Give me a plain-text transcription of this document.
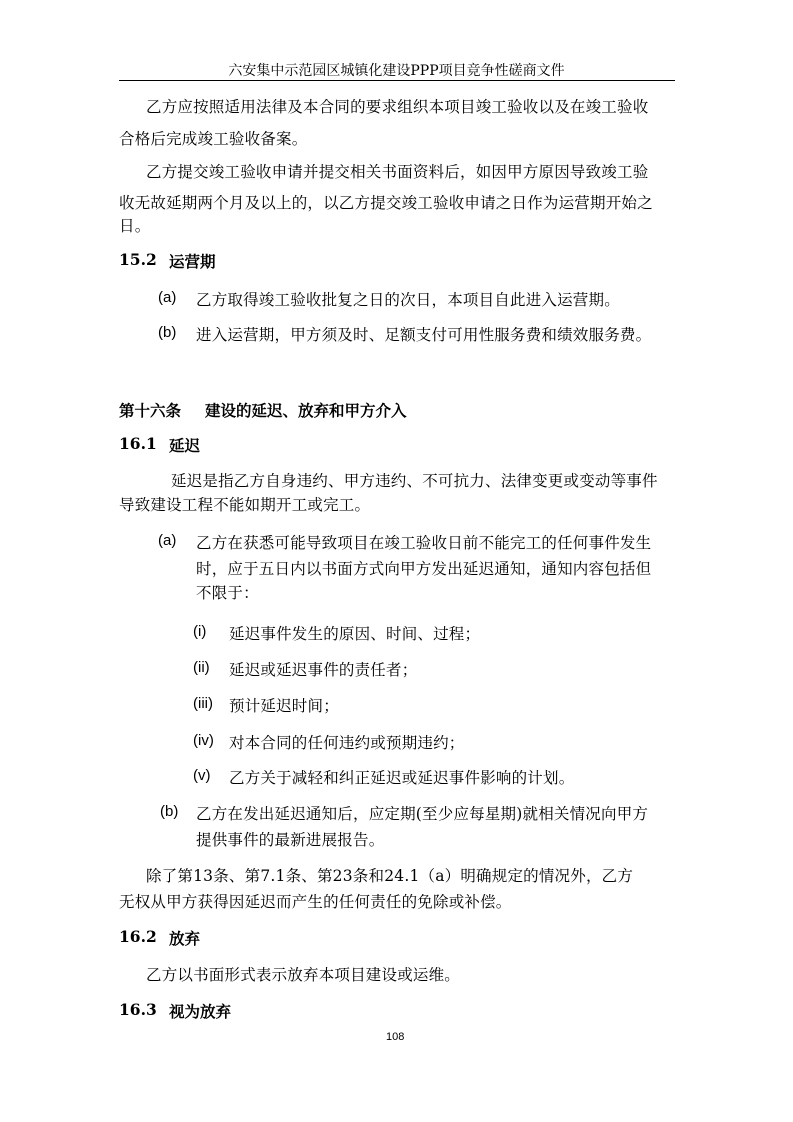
六安集中示范园区城镇化建设PPP项目竞争性磋商文件
乙方应按照适用法律及本合同的要求组织本项目竣工验收以及在竣工验收
合格后完成竣工验收备案。
乙方提交竣工验收申请并提交相关书面资料后，如因甲方原因导致竣工验
收无故延期两个月及以上的，以乙方提交竣工验收申请之日作为运营期开始之
日。
15.2 运营期
(a) 乙方取得竣工验收批复之日的次日，本项目自此进入运营期。
(b) 进入运营期，甲方须及时、足额支付可用性服务费和绩效服务费。
第十六条 建设的延迟、放弃和甲方介入
16.1 延迟
延迟是指乙方自身违约、甲方违约、不可抗力、法律变更或变动等事件
导致建设工程不能如期开工或完工。
(a) 乙方在获悉可能导致项目在竣工验收日前不能完工的任何事件发生
时，应于五日内以书面方式向甲方发出延迟通知，通知内容包括但
不限于：
(i) 延迟事件发生的原因、时间、过程；
(ii) 延迟或延迟事件的责任者；
(iii) 预计延迟时间；
(iv) 对本合同的任何违约或预期违约；
(v) 乙方关于减轻和纠正延迟或延迟事件影响的计划。
(b) 乙方在发出延迟通知后，应定期(至少应每星期)就相关情况向甲方
提供事件的最新进展报告。
除了第13条、第7.1条、第23条和24.1（a）明确规定的情况外，乙方
无权从甲方获得因延迟而产生的任何责任的免除或补偿。
16.2 放弃
乙方以书面形式表示放弃本项目建设或运维。
16.3 视为放弃
108
